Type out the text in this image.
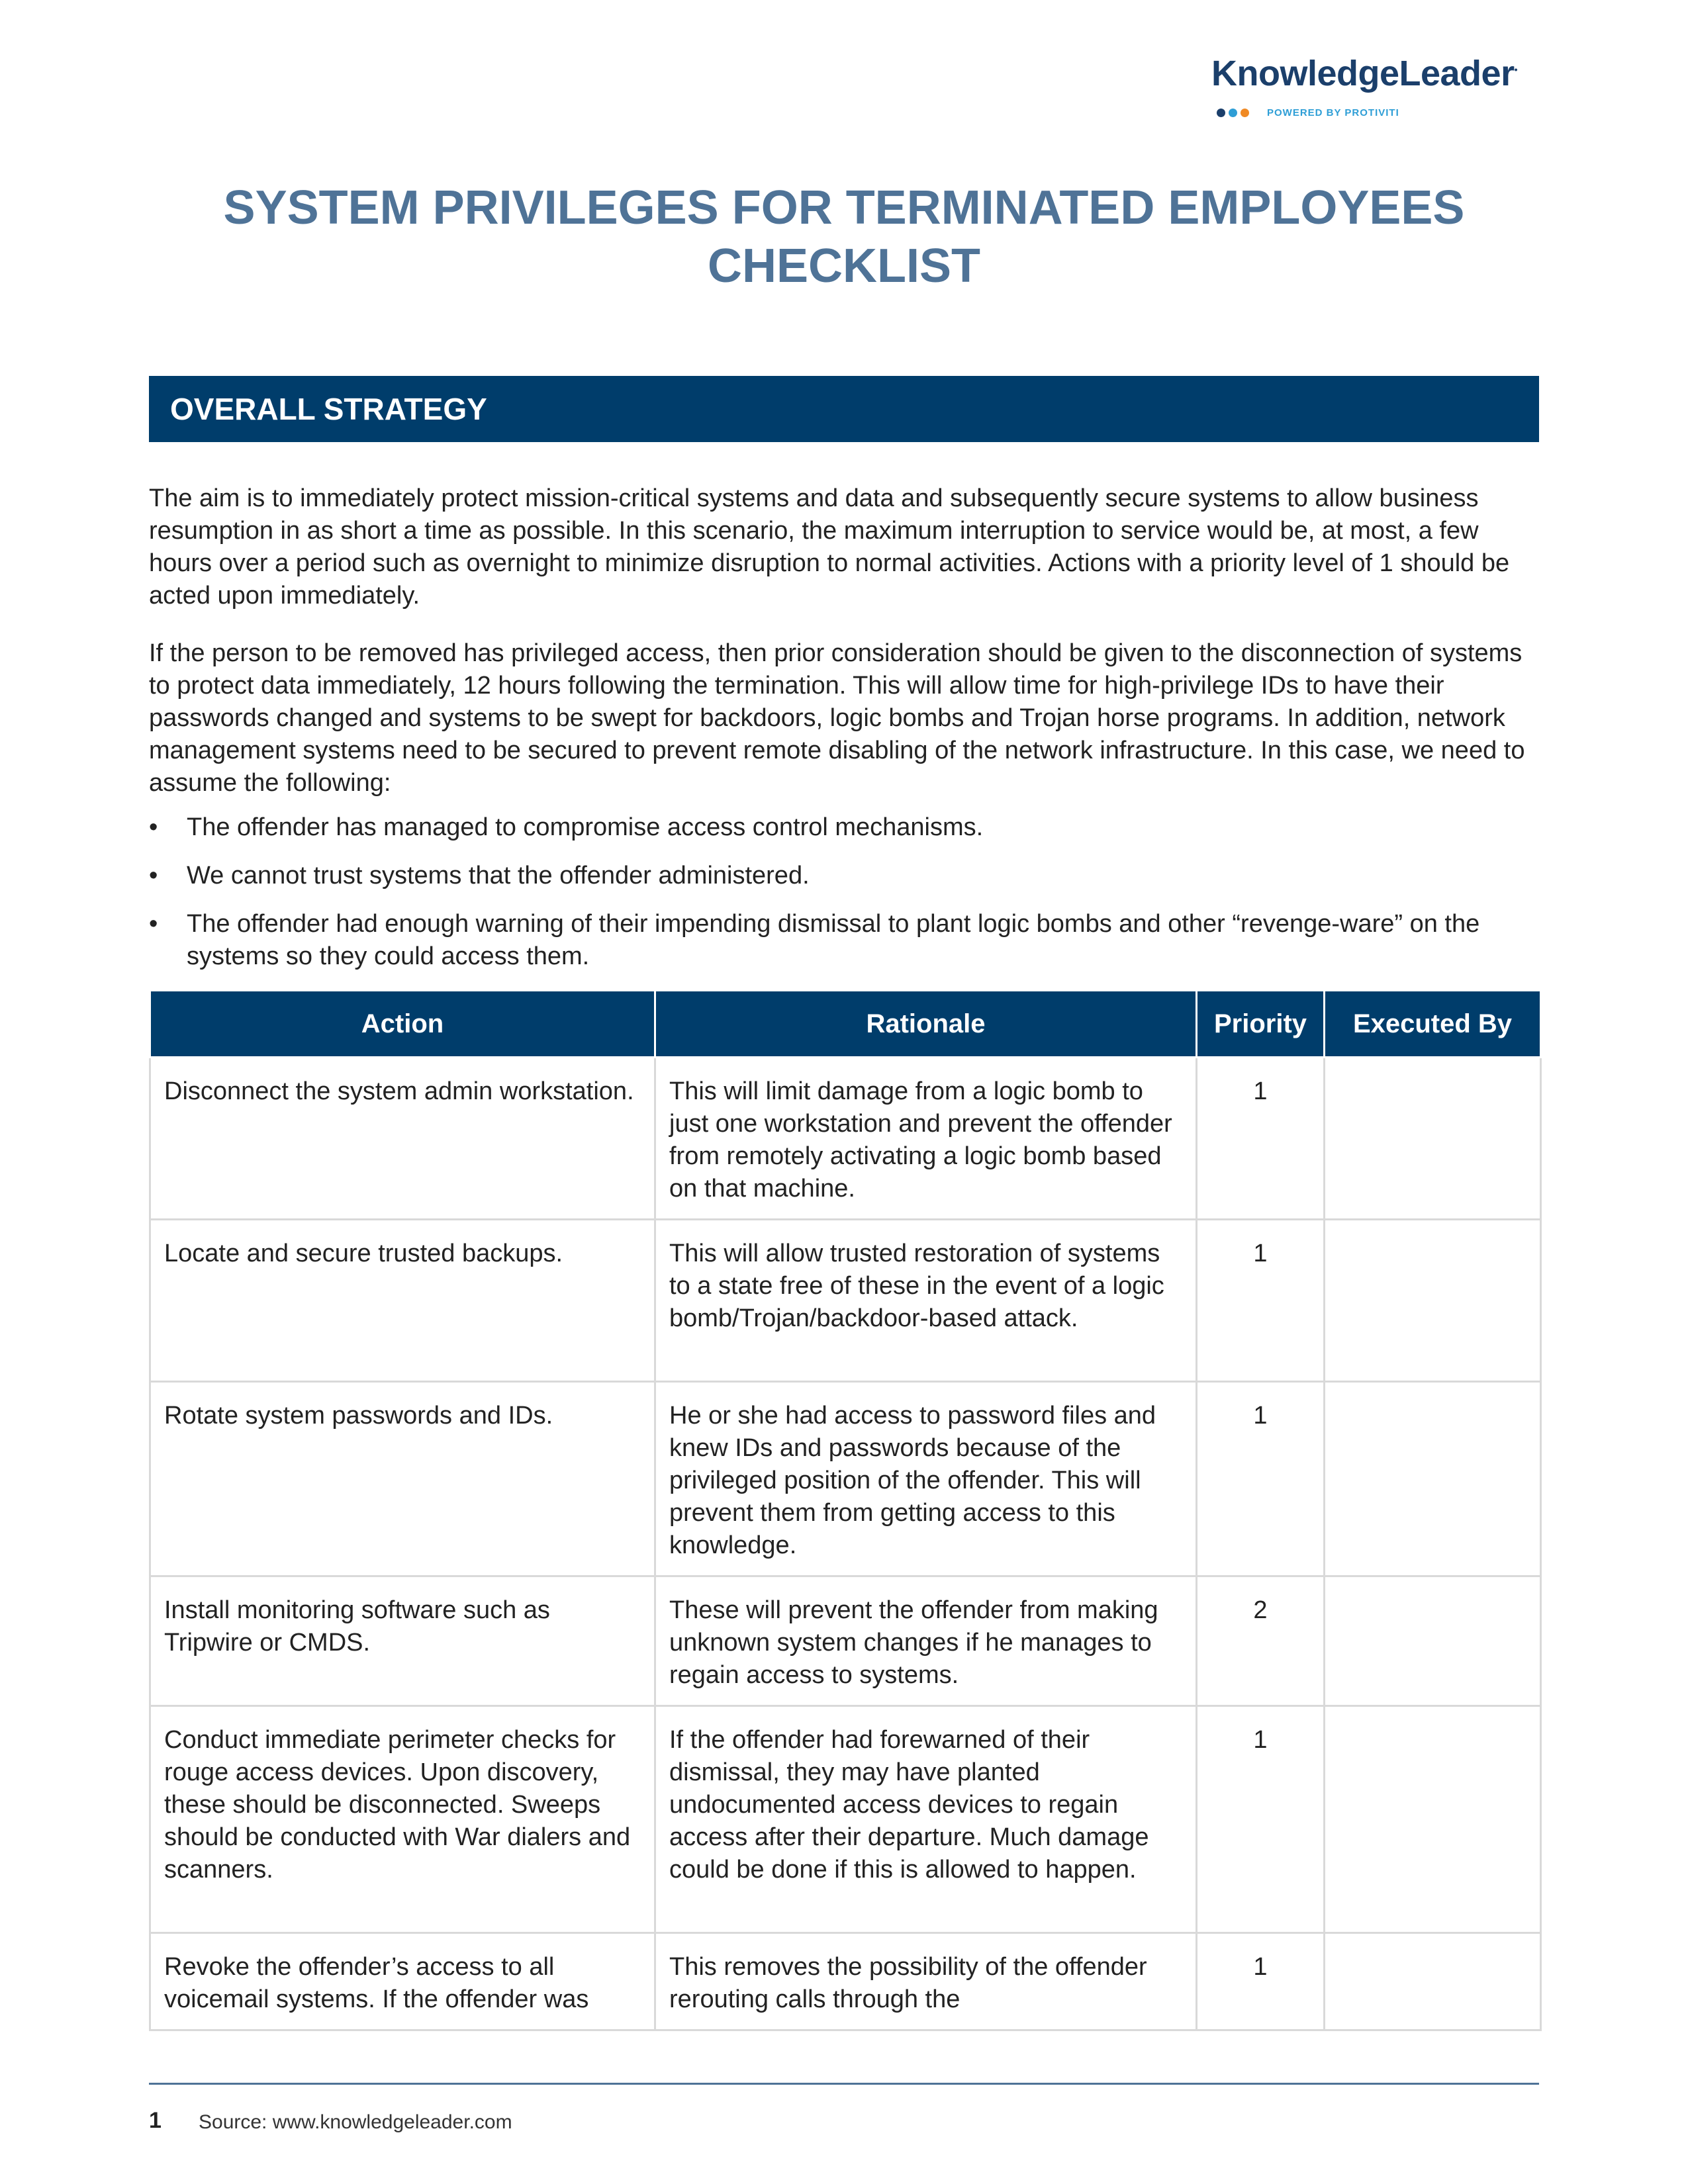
KnowledgeLeader•
POWERED BY PROTIVITI
SYSTEM PRIVILEGES FOR TERMINATED EMPLOYEES
CHECKLIST
OVERALL STRATEGY

The aim is to immediately protect mission-critical systems and data and subsequently secure systems to allow business resumption in as short a time as possible. In this scenario, the maximum interruption to service would be, at most, a few hours over a period such as overnight to minimize disruption to normal activities. Actions with a priority level of 1 should be acted upon immediately.

If the person to be removed has privileged access, then prior consideration should be given to the disconnection of systems to protect data immediately, 12 hours following the termination. This will allow time for high-privilege IDs to have their passwords changed and systems to be swept for backdoors, logic bombs and Trojan horse programs. In addition, network management systems need to be secured to prevent remote disabling of the network infrastructure. In this case, we need to assume the following:

• The offender has managed to compromise access control mechanisms.
• We cannot trust systems that the offender administered.
• The offender had enough warning of their impending dismissal to plant logic bombs and other “revenge-ware” on the systems so they could access them.
Action	Rationale	Priority	Executed By
Disconnect the system admin workstation.	This will limit damage from a logic bomb to just one workstation and prevent the offender from remotely activating a logic bomb based on that machine.	1	
Locate and secure trusted backups.	This will allow trusted restoration of systems to a state free of these in the event of a logic bomb/Trojan/backdoor-based attack.	1	
Rotate system passwords and IDs.	He or she had access to password files and knew IDs and passwords because of the privileged position of the offender. This will prevent them from getting access to this knowledge.	1	
Install monitoring software such as Tripwire or CMDS.	These will prevent the offender from making unknown system changes if he manages to regain access to systems.	2	
Conduct immediate perimeter checks for rouge access devices. Upon discovery, these should be disconnected. Sweeps should be conducted with War dialers and scanners.	If the offender had forewarned of their dismissal, they may have planted undocumented access devices to regain access after their departure. Much damage could be done if this is allowed to happen.	1	
Revoke the offender’s access to all voicemail systems. If the offender was	This removes the possibility of the offender rerouting calls through the	1	
1 Source: www.knowledgeleader.com
